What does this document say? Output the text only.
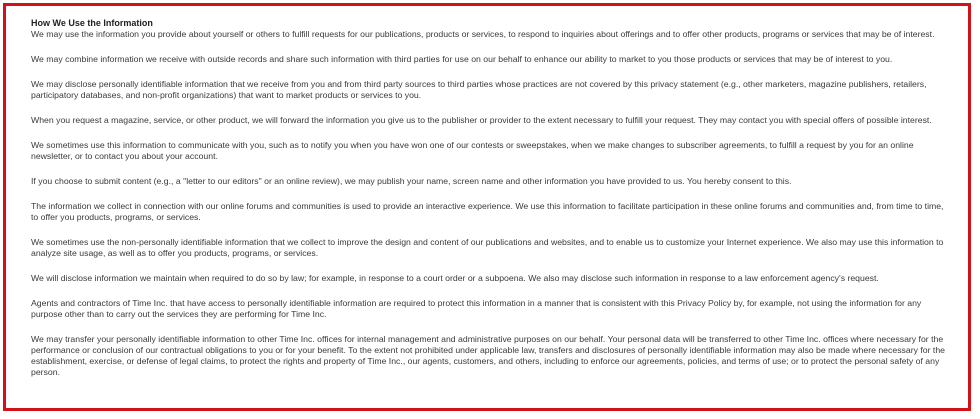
How We Use the Information

We may use the information you provide about yourself or others to fulfill requests for our publications, products or services, to respond to inquiries about offerings and to offer other products, programs or services that may be of interest.

We may combine information we receive with outside records and share such information with third parties for use on our behalf to enhance our ability to market to you those products or services that may be of interest to you.

We may disclose personally identifiable information that we receive from you and from third party sources to third parties whose practices are not covered by this privacy statement (e.g., other marketers, magazine publishers, retailers, participatory databases, and non-profit organizations) that want to market products or services to you.

When you request a magazine, service, or other product, we will forward the information you give us to the publisher or provider to the extent necessary to fulfill your request. They may contact you with special offers of possible interest.

We sometimes use this information to communicate with you, such as to notify you when you have won one of our contests or sweepstakes, when we make changes to subscriber agreements, to fulfill a request by you for an online newsletter, or to contact you about your account.

If you choose to submit content (e.g., a "letter to our editors" or an online review), we may publish your name, screen name and other information you have provided to us. You hereby consent to this.

The information we collect in connection with our online forums and communities is used to provide an interactive experience. We use this information to facilitate participation in these online forums and communities and, from time to time, to offer you products, programs, or services.

We sometimes use the non-personally identifiable information that we collect to improve the design and content of our publications and websites, and to enable us to customize your Internet experience. We also may use this information to analyze site usage, as well as to offer you products, programs, or services.

We will disclose information we maintain when required to do so by law; for example, in response to a court order or a subpoena. We also may disclose such information in response to a law enforcement agency's request.

Agents and contractors of Time Inc. that have access to personally identifiable information are required to protect this information in a manner that is consistent with this Privacy Policy by, for example, not using the information for any purpose other than to carry out the services they are performing for Time Inc.

We may transfer your personally identifiable information to other Time Inc. offices for internal management and administrative purposes on our behalf. Your personal data will be transferred to other Time Inc. offices where necessary for the performance or conclusion of our contractual obligations to you or for your benefit. To the extent not prohibited under applicable law, transfers and disclosures of personally identifiable information may also be made where necessary for the establishment, exercise, or defense of legal claims, to protect the rights and property of Time Inc., our agents, customers, and others, including to enforce our agreements, policies, and terms of use; or to protect the personal safety of any person.
